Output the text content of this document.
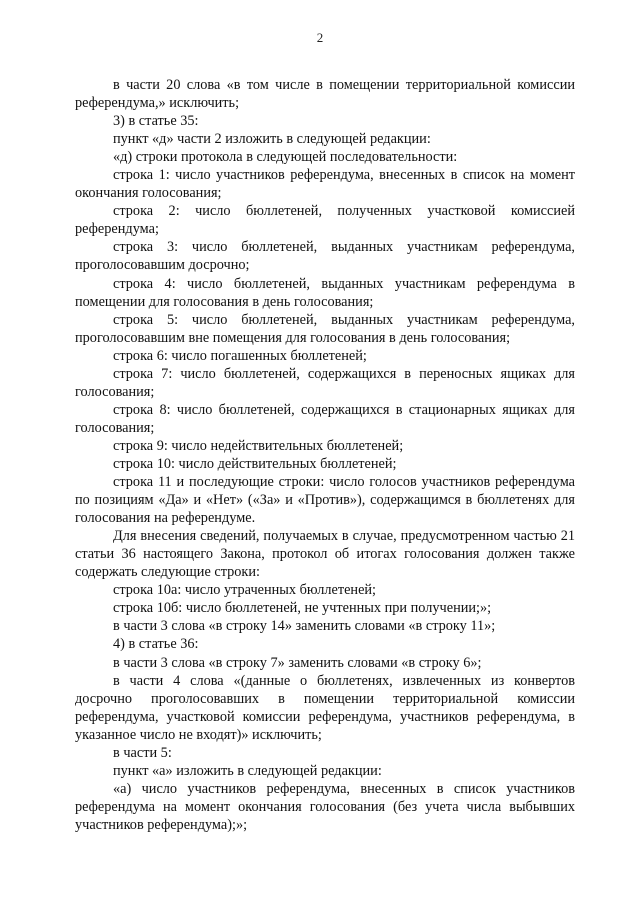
2

в части 20 слова «в том числе в помещении территориальной комиссии референдума,» исключить;

3) в статье 35:

пункт «д» части 2 изложить в следующей редакции:

«д) строки протокола в следующей последовательности:

строка 1: число участников референдума, внесенных в список на момент окончания голосования;

строка 2: число бюллетеней, полученных участковой комиссией референдума;

строка 3: число бюллетеней, выданных участникам референдума, проголосовавшим досрочно;

строка 4: число бюллетеней, выданных участникам референдума в помещении для голосования в день голосования;

строка 5: число бюллетеней, выданных участникам референдума, проголосовавшим вне помещения для голосования в день голосования;

строка 6: число погашенных бюллетеней;

строка 7: число бюллетеней, содержащихся в переносных ящиках для голосования;

строка 8: число бюллетеней, содержащихся в стационарных ящиках для голосования;

строка 9: число недействительных бюллетеней;

строка 10: число действительных бюллетеней;

строка 11 и последующие строки: число голосов участников референдума по позициям «Да» и «Нет» («За» и «Против»), содержащимся в бюллетенях для голосования на референдуме.

Для внесения сведений, получаемых в случае, предусмотренном частью 21 статьи 36 настоящего Закона, протокол об итогах голосования должен также содержать следующие строки:

строка 10а: число утраченных бюллетеней;

строка 10б: число бюллетеней, не учтенных при получении;»;

в части 3 слова «в строку 14» заменить словами «в строку 11»;

4) в статье 36:

в части 3 слова «в строку 7» заменить словами «в строку 6»;

в части 4 слова «(данные о бюллетенях, извлеченных из конвертов досрочно проголосовавших в помещении территориальной комиссии референдума, участковой комиссии референдума, участников референдума, в указанное число не входят)» исключить;

в части 5:

пункт «а» изложить в следующей редакции:

«а) число участников референдума, внесенных в список участников референдума на момент окончания голосования (без учета числа выбывших участников референдума);»;
